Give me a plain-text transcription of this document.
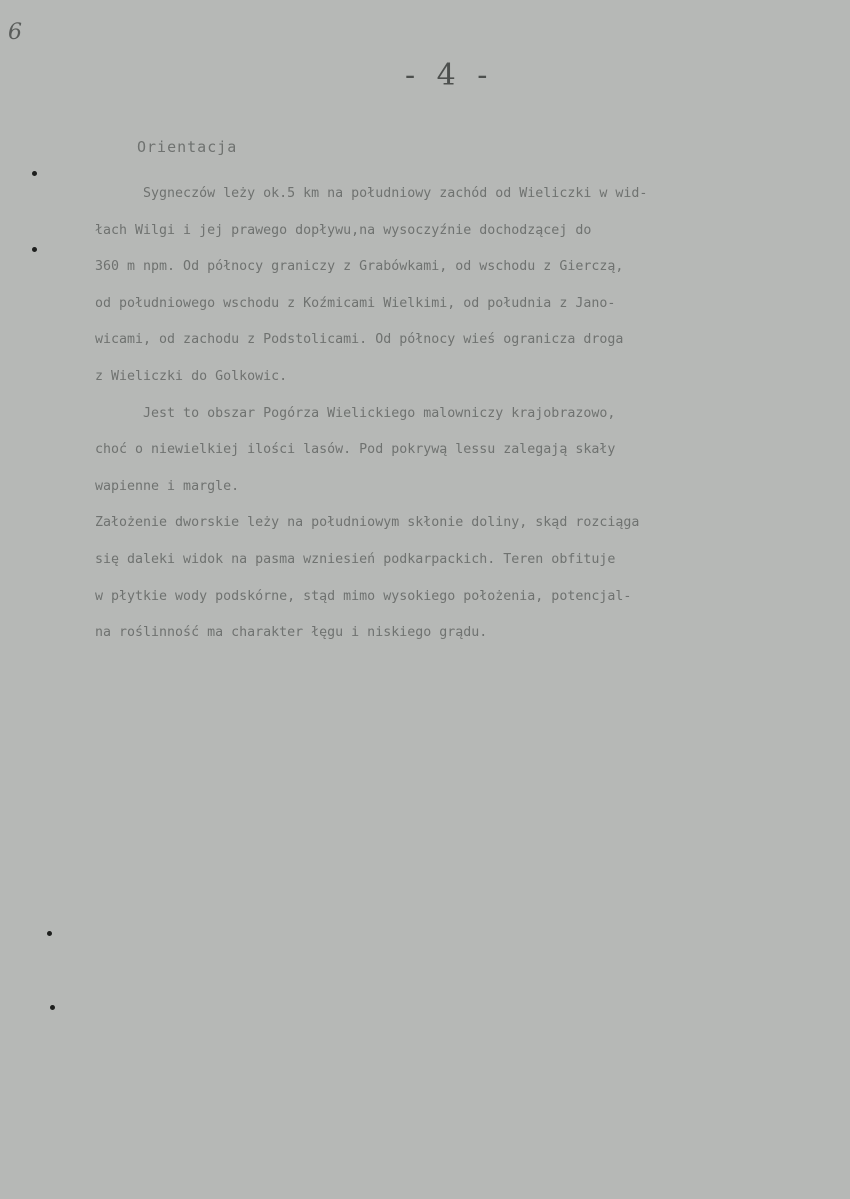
6
- 4 -
Orientacja

Sygneczów leży ok.5 km na południowy zachód od Wieliczki w wid-
łach Wilgi i jej prawego dopływu,na wysoczyźnie dochodzącej do
360 m npm. Od północy graniczy z Grabówkami, od wschodu z Gierczą,
od południowego wschodu z Koźmicami Wielkimi, od południa z Jano-
wicami, od zachodu z Podstolicami. Od północy wieś ogranicza droga
z Wieliczki do Golkowic.
Jest to obszar Pogórza Wielickiego malowniczy krajobrazowo,
choć o niewielkiej ilości lasów. Pod pokrywą lessu zalegają skały
wapienne i margle.
Założenie dworskie leży na południowym skłonie doliny, skąd rozciąga
się daleki widok na pasma wzniesień podkarpackich. Teren obfituje
w płytkie wody podskórne, stąd mimo wysokiego położenia, potencjal-
na roślinność ma charakter łęgu i niskiego grądu.
